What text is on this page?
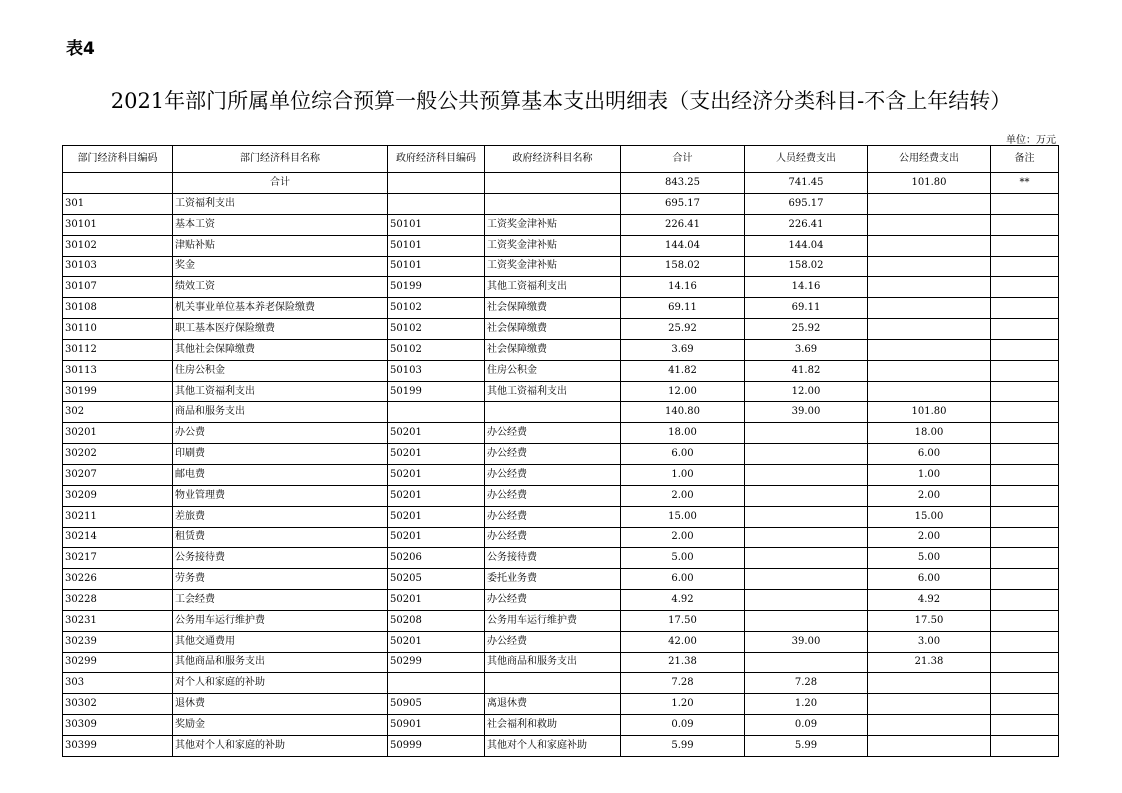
表4
2021年部门所属单位综合预算一般公共预算基本支出明细表（支出经济分类科目-不含上年结转）
单位：万元
部门经济科目编码	部门经济科目名称	政府经济科目编码	政府经济科目名称	合计	人员经费支出	公用经费支出	备注
	合计			843.25	741.45	101.80	**
301	工资福利支出			695.17	695.17		
30101	基本工资	50101	工资奖金津补贴	226.41	226.41		
30102	津贴补贴	50101	工资奖金津补贴	144.04	144.04		
30103	奖金	50101	工资奖金津补贴	158.02	158.02		
30107	绩效工资	50199	其他工资福利支出	14.16	14.16		
30108	机关事业单位基本养老保险缴费	50102	社会保障缴费	69.11	69.11		
30110	职工基本医疗保险缴费	50102	社会保障缴费	25.92	25.92		
30112	其他社会保障缴费	50102	社会保障缴费	3.69	3.69		
30113	住房公积金	50103	住房公积金	41.82	41.82		
30199	其他工资福利支出	50199	其他工资福利支出	12.00	12.00		
302	商品和服务支出			140.80	39.00	101.80	
30201	办公费	50201	办公经费	18.00		18.00	
30202	印刷费	50201	办公经费	6.00		6.00	
30207	邮电费	50201	办公经费	1.00		1.00	
30209	物业管理费	50201	办公经费	2.00		2.00	
30211	差旅费	50201	办公经费	15.00		15.00	
30214	租赁费	50201	办公经费	2.00		2.00	
30217	公务接待费	50206	公务接待费	5.00		5.00	
30226	劳务费	50205	委托业务费	6.00		6.00	
30228	工会经费	50201	办公经费	4.92		4.92	
30231	公务用车运行维护费	50208	公务用车运行维护费	17.50		17.50	
30239	其他交通费用	50201	办公经费	42.00	39.00	3.00	
30299	其他商品和服务支出	50299	其他商品和服务支出	21.38		21.38	
303	对个人和家庭的补助			7.28	7.28		
30302	退休费	50905	离退休费	1.20	1.20		
30309	奖励金	50901	社会福利和救助	0.09	0.09		
30399	其他对个人和家庭的补助	50999	其他对个人和家庭补助	5.99	5.99		
